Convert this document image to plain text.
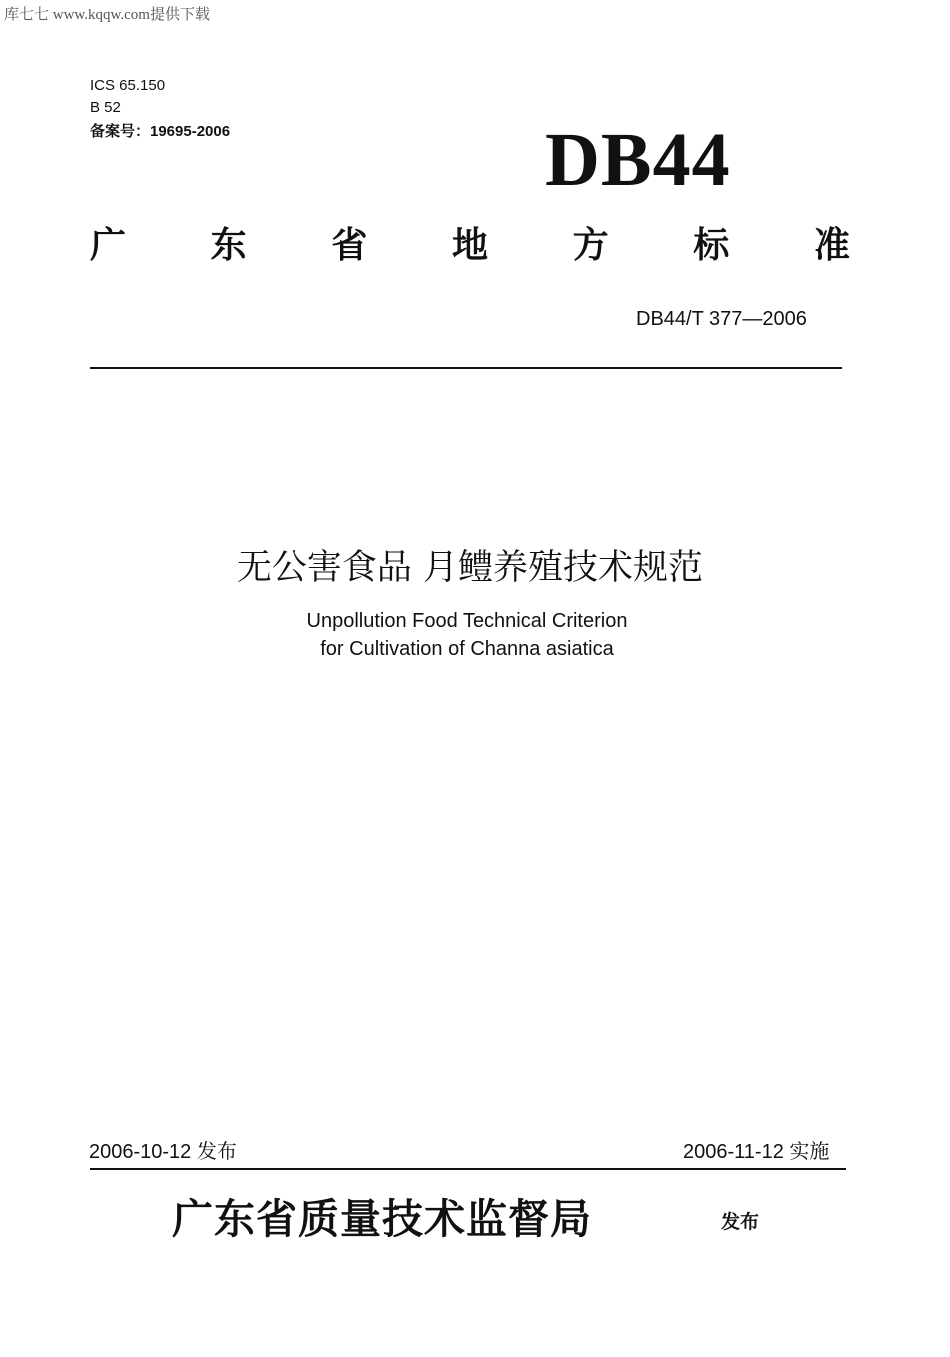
库七七 www.kqqw.com提供下载
ICS 65.150
B 52
备案号：19695-2006	DB44
广 东 省 地 方 标 准
DB44/T 377—2006
无公害食品 月鳢养殖技术规范
Unpollution Food Technical Criterion
for Cultivation of Channa asiatica
2006-10-12 发布	2006-11-12 实施
广东省质量技术监督局	发布
